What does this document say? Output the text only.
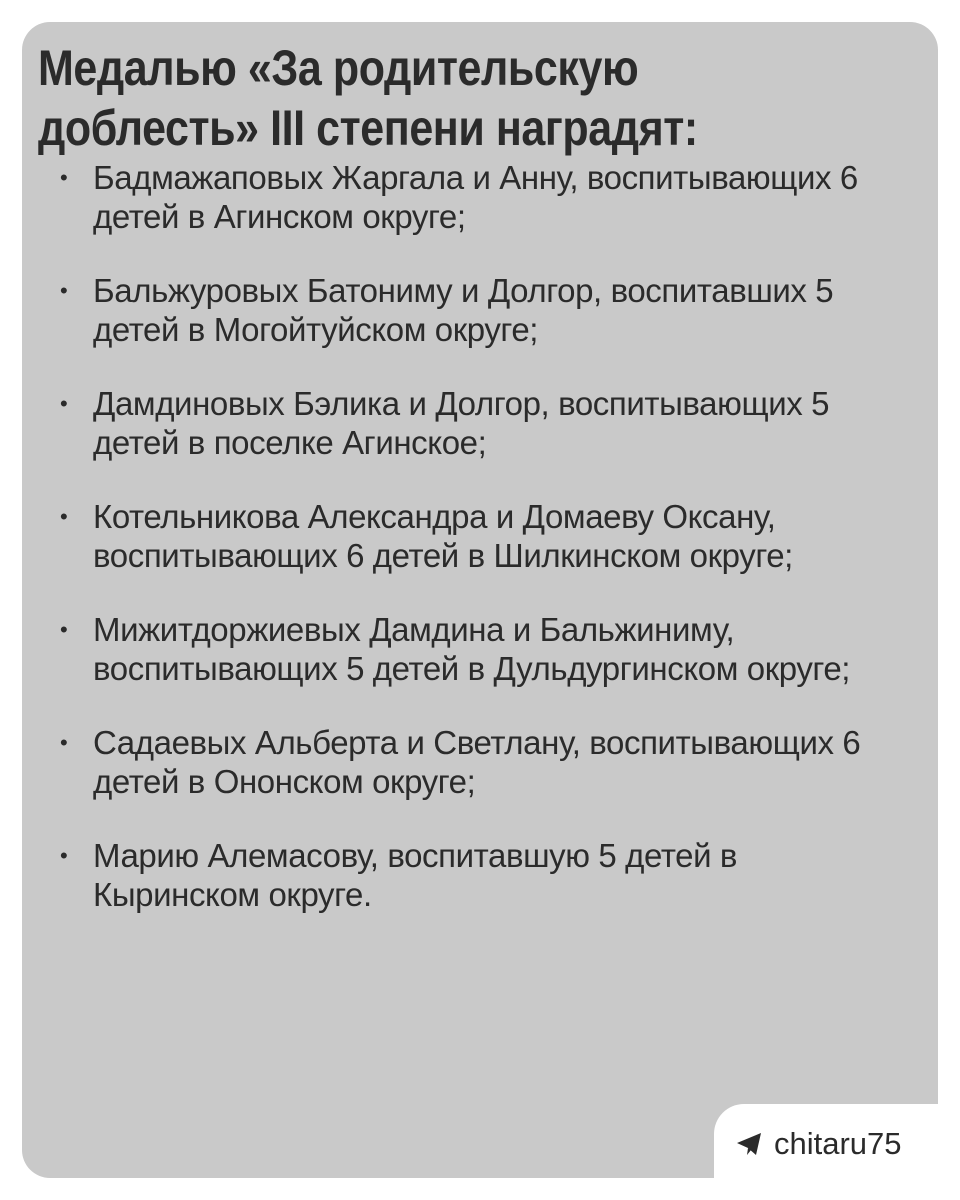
Медалью «За родительскую
доблесть» III степени наградят:
• Бадмажаповых Жаргала и Анну, воспитывающих 6 детей в Агинском округе;
• Бальжуровых Батониму и Долгор, воспитавших 5 детей в Могойтуйском округе;
• Дамдиновых Бэлика и Долгор, воспитывающих 5 детей в поселке Агинское;
• Котельникова Александра и Домаеву Оксану, воспитывающих 6 детей в Шилкинском округе;
• Мижитдоржиевых Дамдина и Бальжиниму, воспитывающих 5 детей в Дульдургинском округе;
• Садаевых Альберта и Светлану, воспитывающих 6 детей в Ононском округе;
• Марию Алемасову, воспитавшую 5 детей в Кыринском округе.
chitaru75
